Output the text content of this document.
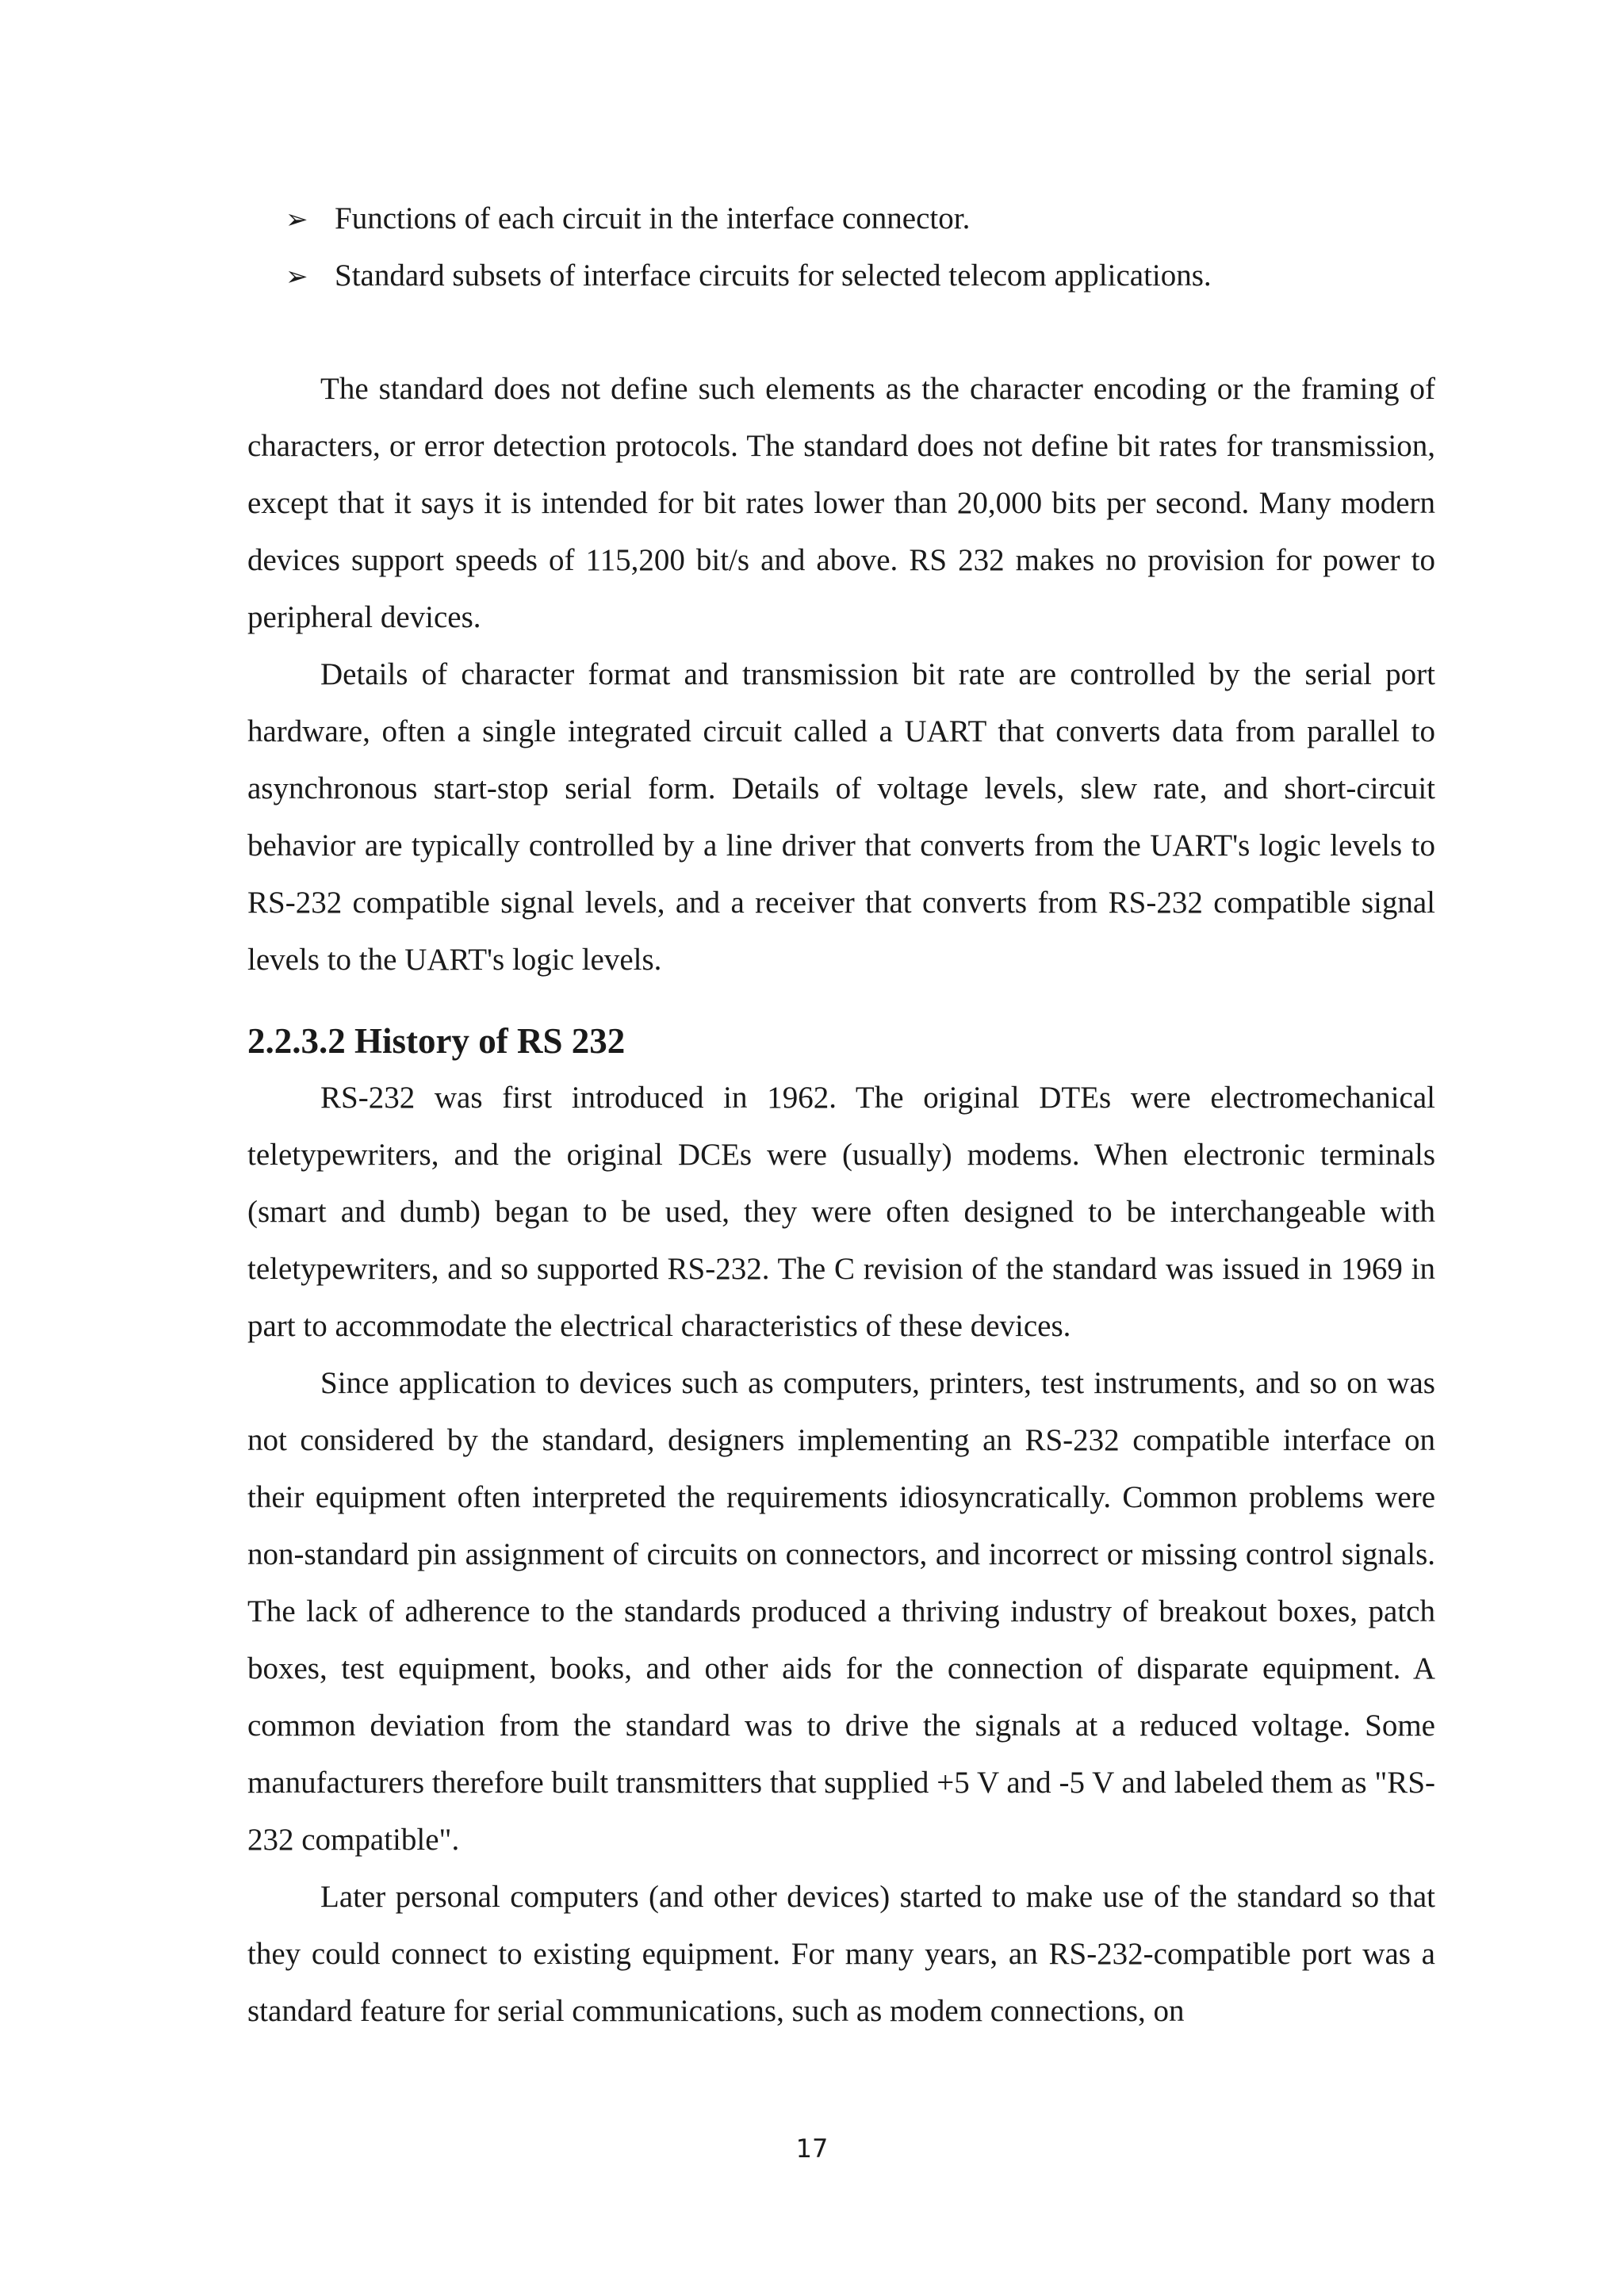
➢ Functions of each circuit in the interface connector.
➢ Standard subsets of interface circuits for selected telecom applications.

The standard does not define such elements as the character encoding or the framing of characters, or error detection protocols. The standard does not define bit rates for transmission, except that it says it is intended for bit rates lower than 20,000 bits per second. Many modern devices support speeds of 115,200 bit/s and above. RS 232 makes no provision for power to peripheral devices.

Details of character format and transmission bit rate are controlled by the serial port hardware, often a single integrated circuit called a UART that converts data from parallel to asynchronous start-stop serial form. Details of voltage levels, slew rate, and short-circuit behavior are typically controlled by a line driver that converts from the UART's logic levels to RS-232 compatible signal levels, and a receiver that converts from RS-232 compatible signal levels to the UART's logic levels.

2.2.3.2 History of RS 232

RS-232 was first introduced in 1962. The original DTEs were electromechanical teletypewriters, and the original DCEs were (usually) modems. When electronic terminals (smart and dumb) began to be used, they were often designed to be interchangeable with teletypewriters, and so supported RS-232. The C revision of the standard was issued in 1969 in part to accommodate the electrical characteristics of these devices.

Since application to devices such as computers, printers, test instruments, and so on was not considered by the standard, designers implementing an RS-232 compatible interface on their equipment often interpreted the requirements idiosyncratically. Common problems were non-standard pin assignment of circuits on connectors, and incorrect or missing control signals. The lack of adherence to the standards produced a thriving industry of breakout boxes, patch boxes, test equipment, books, and other aids for the connection of disparate equipment. A common deviation from the standard was to drive the signals at a reduced voltage. Some manufacturers therefore built transmitters that supplied +5 V and -5 V and labeled them as "RS-232 compatible".

Later personal computers (and other devices) started to make use of the standard so that they could connect to existing equipment. For many years, an RS-232-compatible port was a standard feature for serial communications, such as modem connections, on

17
